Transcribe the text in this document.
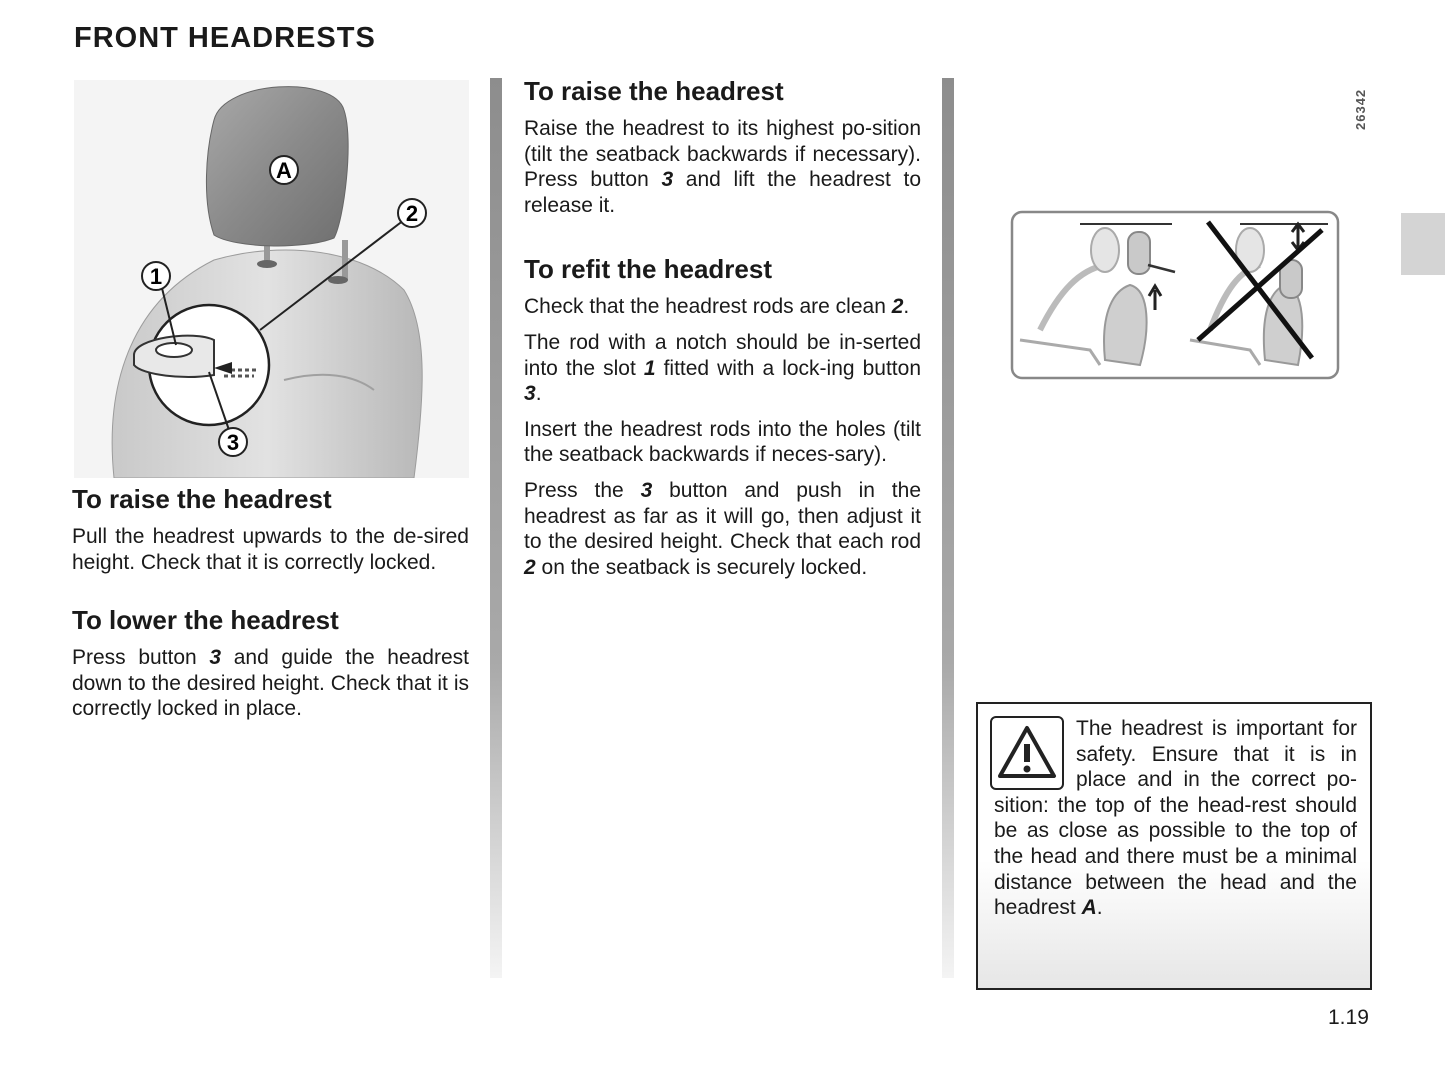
FRONT HEADRESTS
A
2
1
3
To raise the headrest

Pull the headrest upwards to the de-sired height. Check that it is correctly locked.

To lower the headrest

Press button 3 and guide the headrest down to the desired height. Check that it is correctly locked in place.

To raise the headrest

Raise the headrest to its highest po-sition (tilt the seatback backwards if necessary). Press button 3 and lift the headrest to release it.

To refit the headrest

Check that the headrest rods are clean 2.

The rod with a notch should be in-serted into the slot 1 fitted with a lock-ing button 3.

Insert the headrest rods into the holes (tilt the seatback backwards if neces-sary).

Press the 3 button and push in the headrest as far as it will go, then adjust it to the desired height. Check that each rod 2 on the seatback is securely locked.

26342

The headrest is important for safety. Ensure that it is in place and in the correct po-sition: the top of the head-rest should be as close as possible to the top of the head and there must be a minimal distance between the head and the headrest A.

1.19
